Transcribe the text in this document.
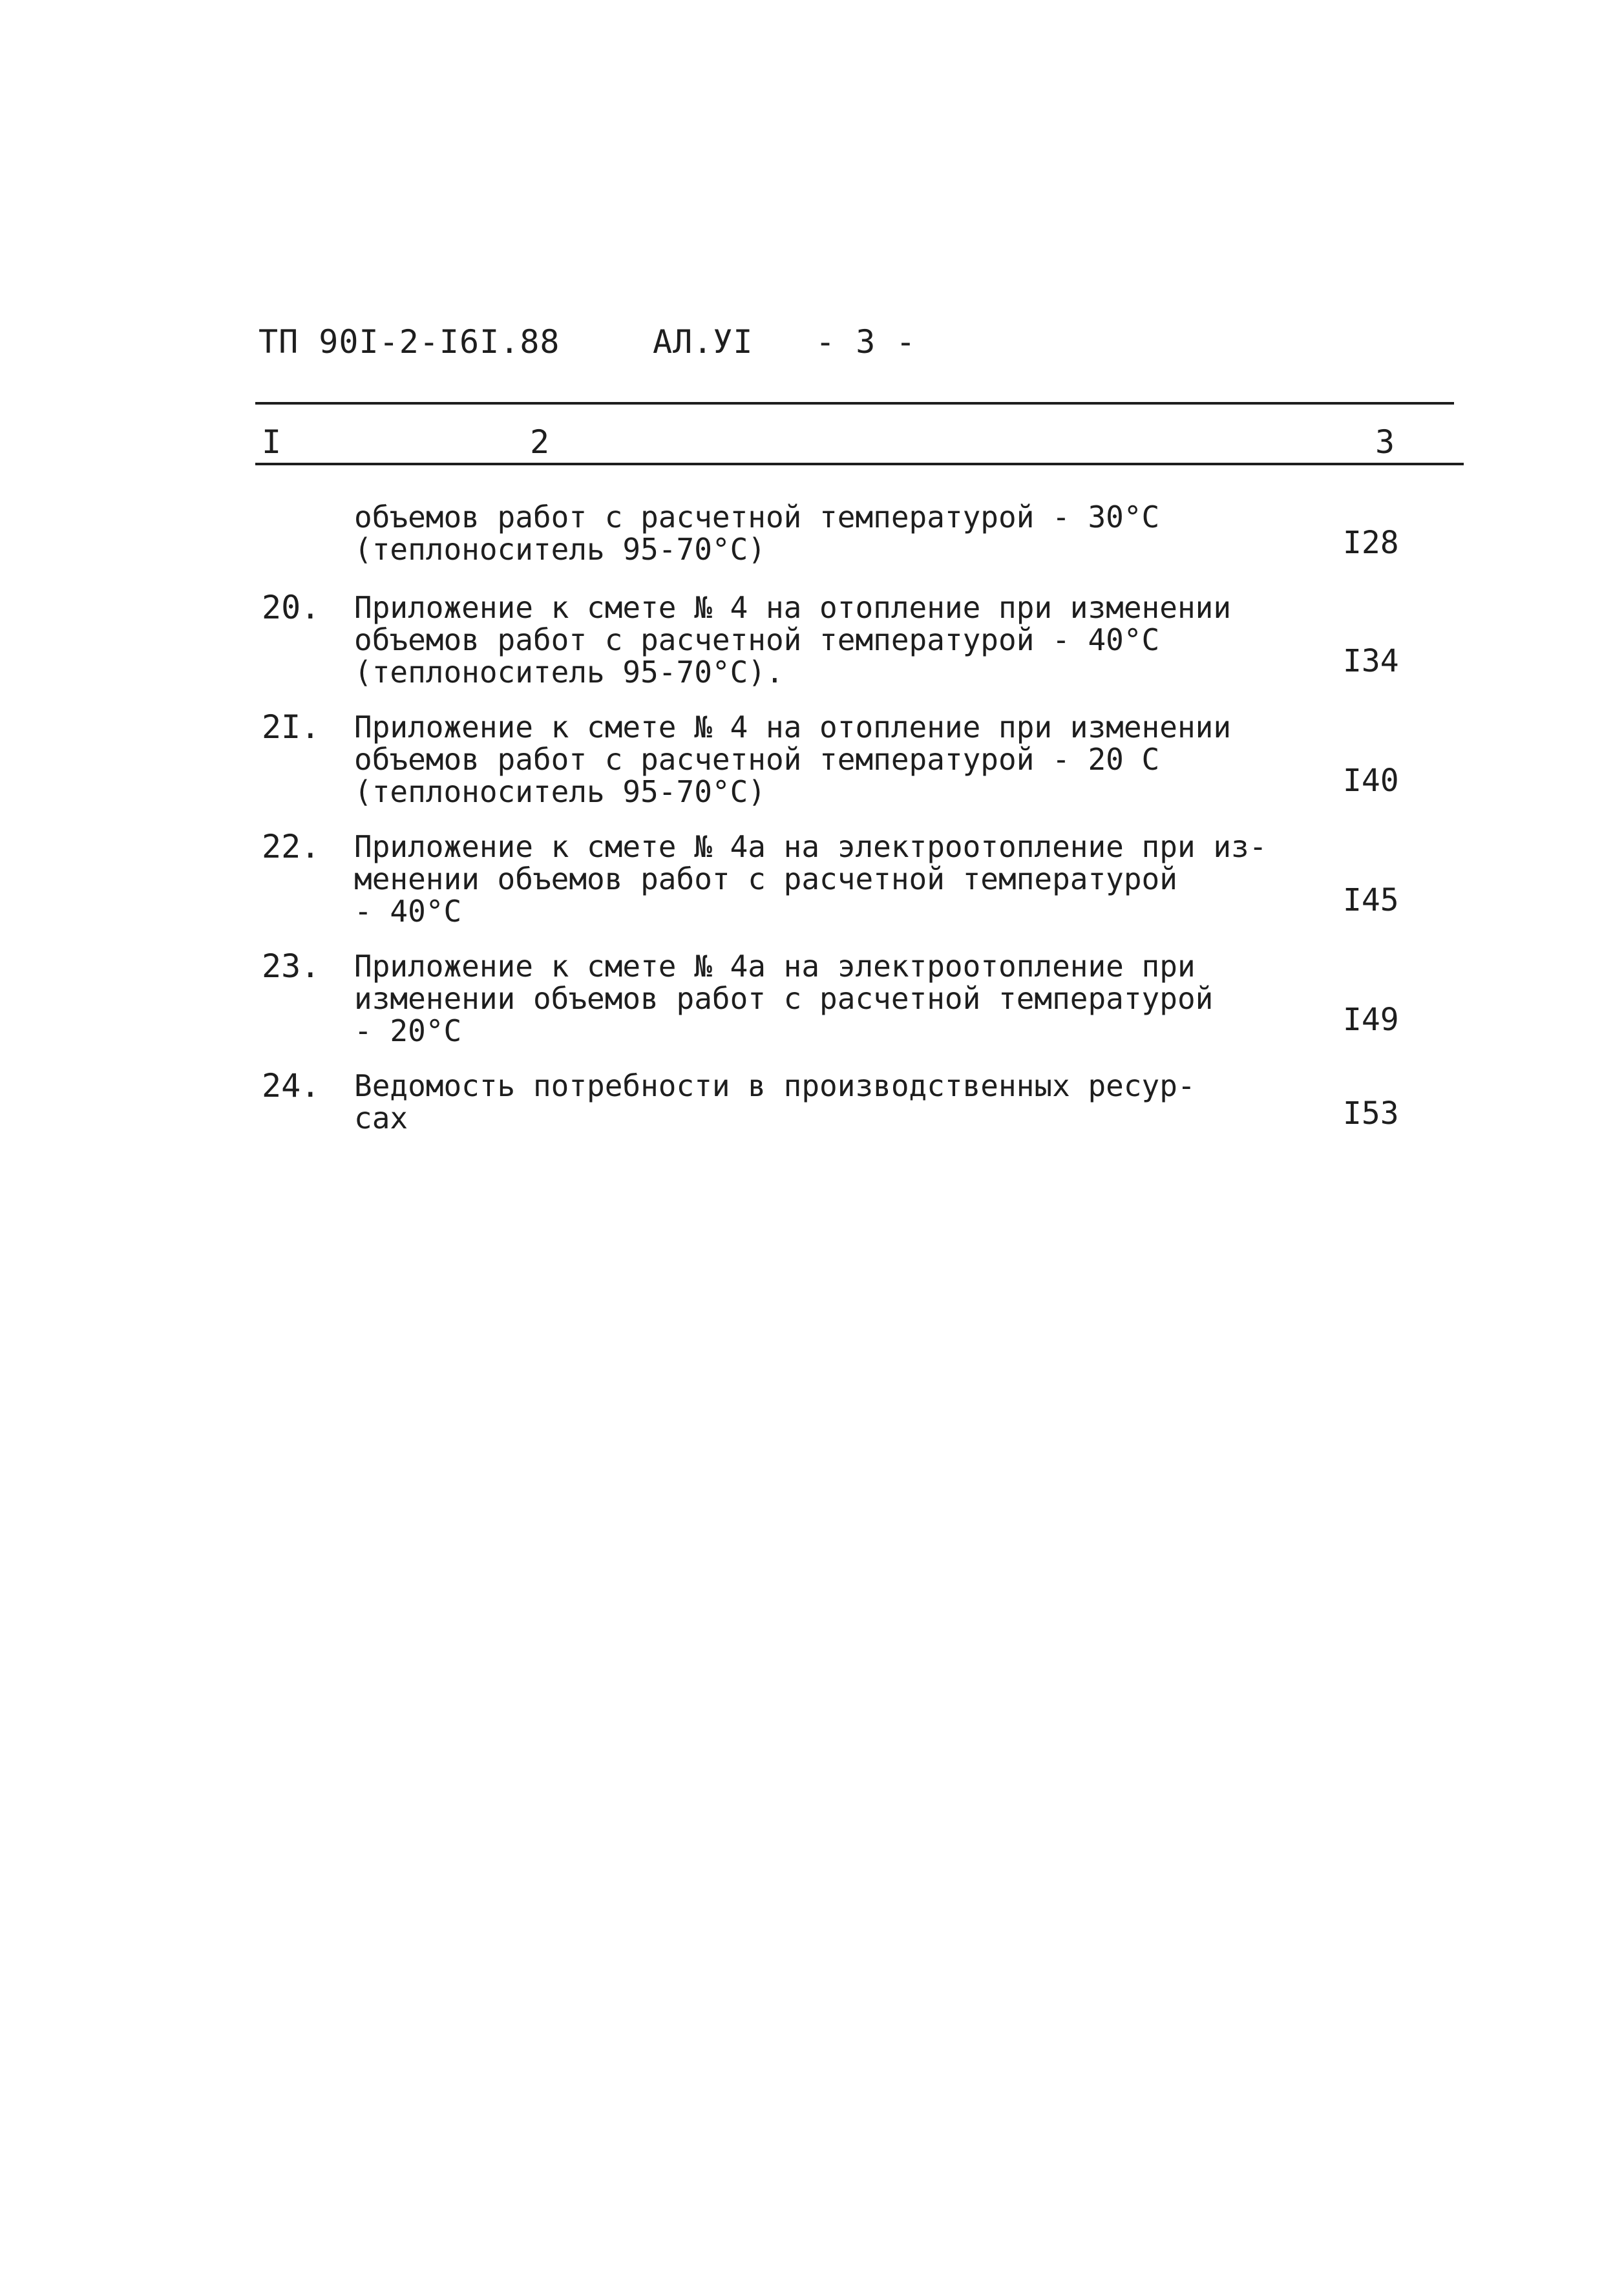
ТП 90I-2-I6I.88	АЛ.УI - 3 -
I	2	3
объемов работ с расчетной температурой - 30°С
(теплоноситель 95-70°С)	I28
20. Приложение к смете № 4 на отопление при изменении
объемов работ с расчетной температурой - 40°С
(теплоноситель 95-70°С).	I34
2I. Приложение к смете № 4 на отопление при изменении
объемов работ с расчетной температурой - 20 С
(теплоноситель 95-70°С)	I40
22. Приложение к смете № 4а на электроотопление при из-
менении объемов работ с расчетной температурой
- 40°С	I45
23. Приложение к смете № 4а на электроотопление при
изменении объемов работ с расчетной температурой
- 20°С	I49
24. Ведомость потребности в производственных ресур-
сах	I53
